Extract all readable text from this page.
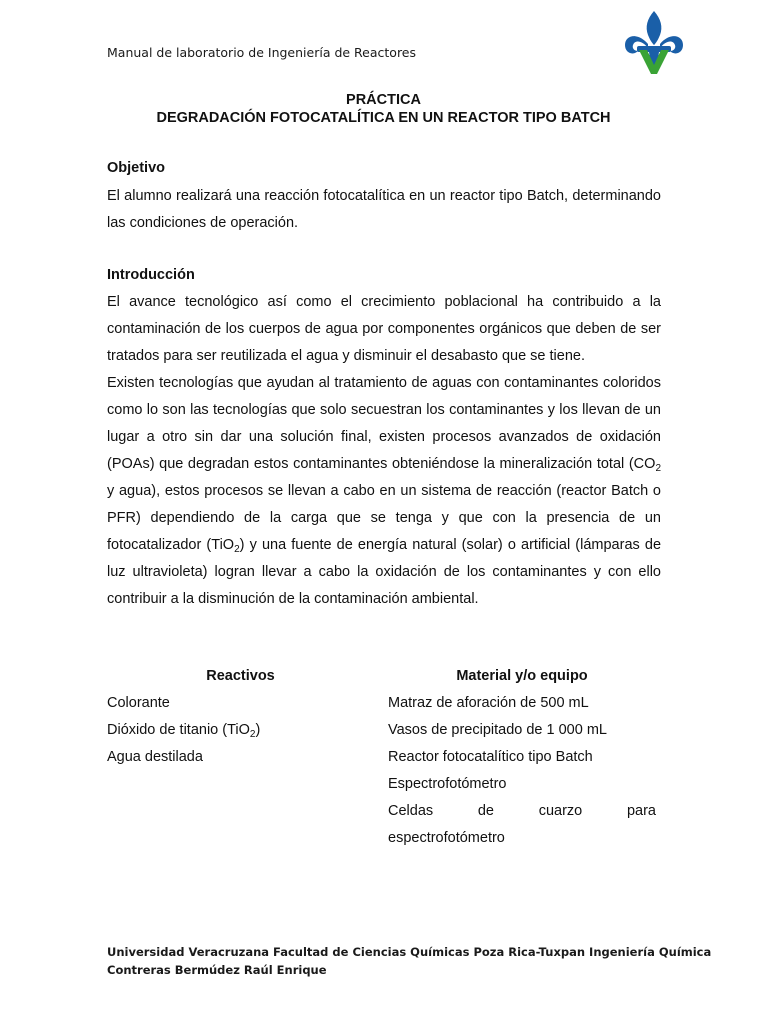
Manual de laboratorio de Ingeniería de Reactores
PRÁCTICA
DEGRADACIÓN FOTOCATALÍTICA EN UN REACTOR TIPO BATCH
Objetivo

El alumno realizará una reacción fotocatalítica en un reactor tipo Batch, determinando las condiciones de operación.

Introducción

El avance tecnológico así como el crecimiento poblacional ha contribuido a la contaminación de los cuerpos de agua por componentes orgánicos que deben de ser tratados para ser reutilizada el agua y disminuir el desabasto que se tiene.

Existen tecnologías que ayudan al tratamiento de aguas con contaminantes coloridos como lo son las tecnologías que solo secuestran los contaminantes y los llevan de un lugar a otro sin dar una solución final, existen procesos avanzados de oxidación (POAs) que degradan estos contaminantes obteniéndose la mineralización total ($CO_2$ y agua), estos procesos se llevan a cabo en un sistema de reacción (reactor Batch o PFR) dependiendo de la carga que se tenga y que con la presencia de un fotocatalizador (TiO$_2$) y una fuente de energía natural (solar) o artificial (lámparas de luz ultravioleta) logran llevar a cabo la oxidación de los contaminantes y con ello contribuir a la disminución de la contaminación ambiental.

Reactivos
Colorante
Dióxido de titanio (TiO$_2$)
Agua destilada
Material y/o equipo
Matraz de aforación de 500 mL
Vasos de precipitado de 1 000 mL
Reactor fotocatalítico tipo Batch
Espectrofotómetro
Celdas de cuarzo para
espectrofotómetro
Universidad Veracruzana Facultad de Ciencias Químicas Poza Rica-Tuxpan Ingeniería Química
Contreras Bermúdez Raúl Enrique
